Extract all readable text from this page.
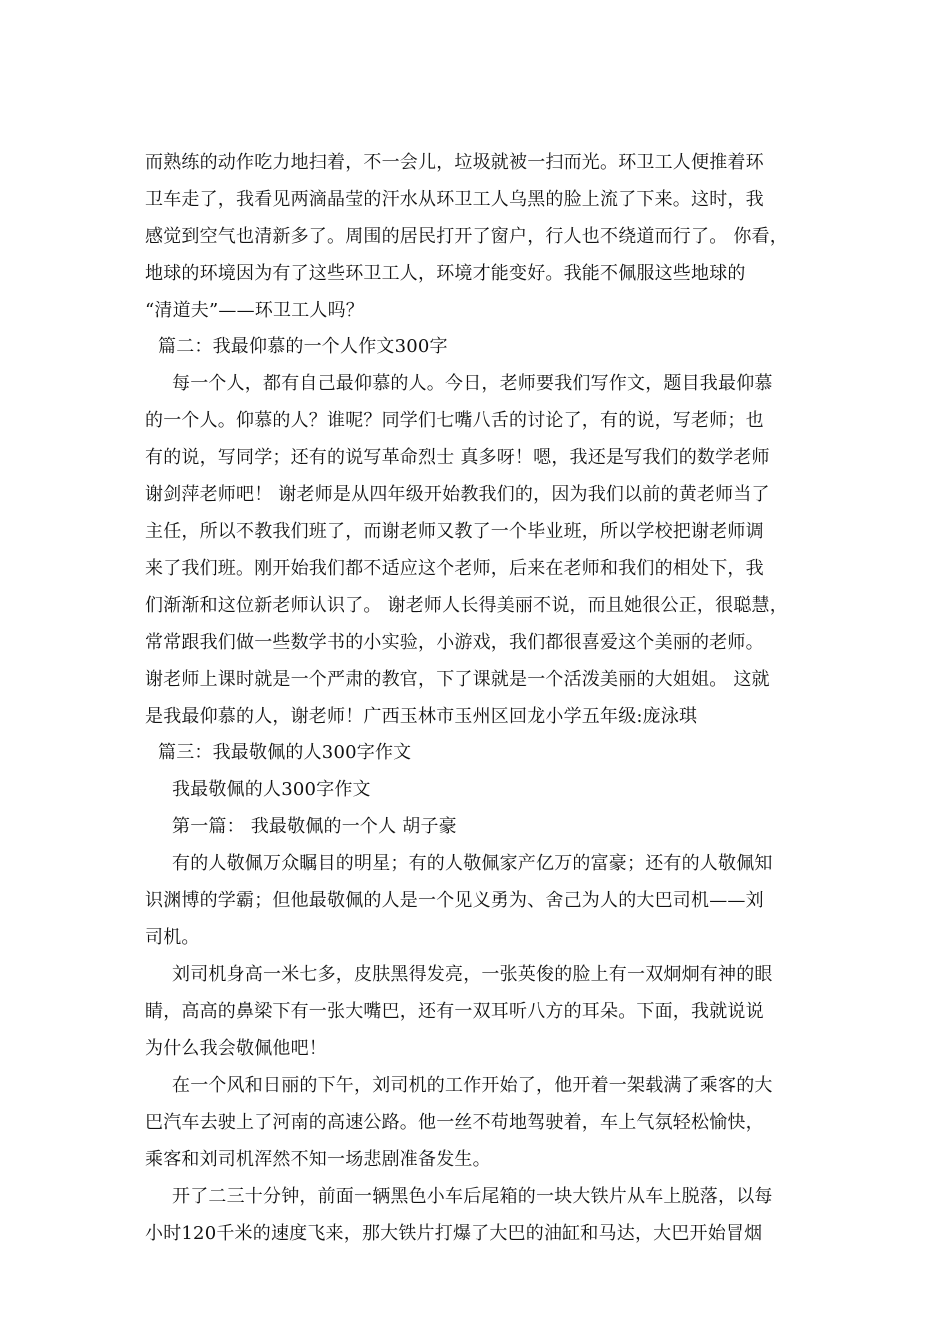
而熟练的动作吃力地扫着，不一会儿，垃圾就被一扫而光。环卫工人便推着环
卫车走了，我看见两滴晶莹的汗水从环卫工人乌黑的脸上流了下来。这时，我
感觉到空气也清新多了。周围的居民打开了窗户，行人也不绕道而行了。 你看，
地球的环境因为有了这些环卫工人，环境才能变好。我能不佩服这些地球的
“清道夫”——环卫工人吗？
篇二：我最仰慕的一个人作文300字
每一个人，都有自己最仰慕的人。今日，老师要我们写作文，题目我最仰慕
的一个人。仰慕的人？谁呢？同学们七嘴八舌的讨论了，有的说，写老师；也
有的说，写同学；还有的说写革命烈士 真多呀！嗯，我还是写我们的数学老师
谢剑萍老师吧！ 谢老师是从四年级开始教我们的，因为我们以前的黄老师当了
主任，所以不教我们班了，而谢老师又教了一个毕业班，所以学校把谢老师调
来了我们班。刚开始我们都不适应这个老师，后来在老师和我们的相处下，我
们渐渐和这位新老师认识了。 谢老师人长得美丽不说，而且她很公正，很聪慧，
常常跟我们做一些数学书的小实验，小游戏，我们都很喜爱这个美丽的老师。
谢老师上课时就是一个严肃的教官，下了课就是一个活泼美丽的大姐姐。 这就
是我最仰慕的人，谢老师！广西玉林市玉州区回龙小学五年级:庞泳琪
篇三：我最敬佩的人300字作文
我最敬佩的人300字作文
第一篇： 我最敬佩的一个人 胡子豪
有的人敬佩万众瞩目的明星；有的人敬佩家产亿万的富豪；还有的人敬佩知
识渊博的学霸；但他最敬佩的人是一个见义勇为、舍己为人的大巴司机——刘
司机。
刘司机身高一米七多，皮肤黑得发亮，一张英俊的脸上有一双炯炯有神的眼
睛，高高的鼻梁下有一张大嘴巴，还有一双耳听八方的耳朵。下面，我就说说
为什么我会敬佩他吧！
在一个风和日丽的下午，刘司机的工作开始了，他开着一架载满了乘客的大
巴汽车去驶上了河南的高速公路。他一丝不苟地驾驶着，车上气氛轻松愉快，
乘客和刘司机浑然不知一场悲剧准备发生。
开了二三十分钟，前面一辆黑色小车后尾箱的一块大铁片从车上脱落，以每
小时120千米的速度飞来，那大铁片打爆了大巴的油缸和马达，大巴开始冒烟
